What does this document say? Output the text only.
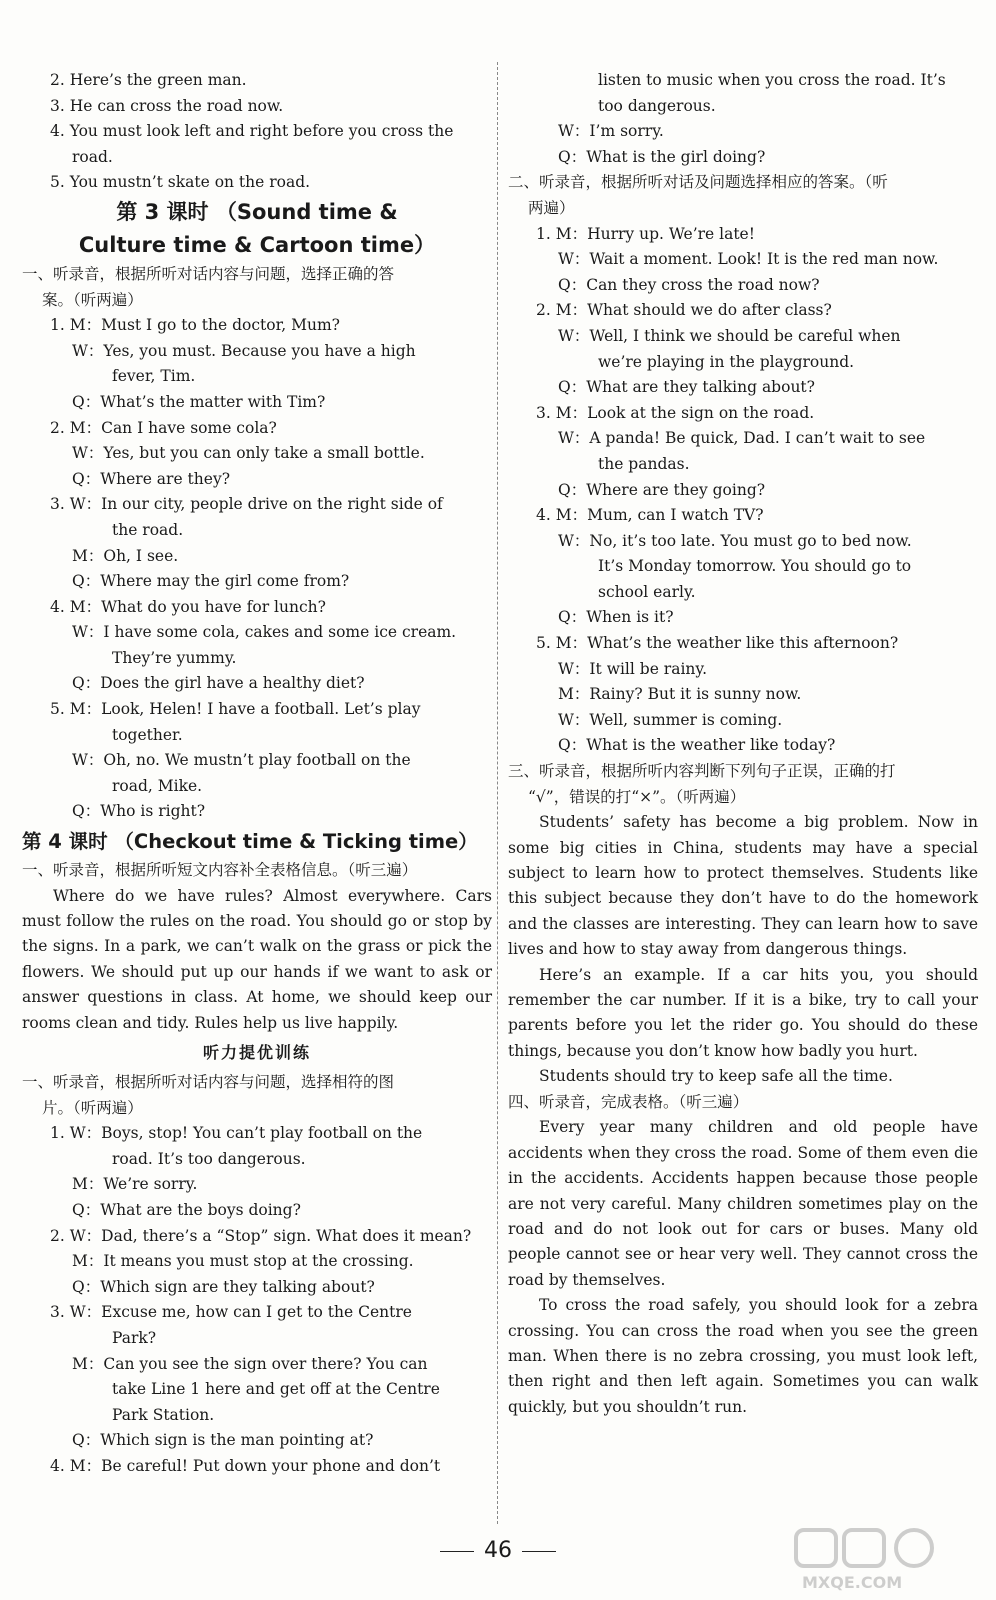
2. Here’s the green man.
3. He can cross the road now.
4. You must look left and right before you cross the
road.
5. You mustn’t skate on the road.
第 3 课时 （Sound time &
Culture time & Cartoon time）
一、听录音，根据所听对话内容与问题，选择正确的答
案。（听两遍）
1. M：Must I go to the doctor, Mum?
W：Yes, you must. Because you have a high
fever, Tim.
Q：What’s the matter with Tim?
2. M：Can I have some cola?
W：Yes, but you can only take a small bottle.
Q：Where are they?
3. W：In our city, people drive on the right side of
the road.
M：Oh, I see.
Q：Where may the girl come from?
4. M：What do you have for lunch?
W：I have some cola, cakes and some ice cream.
They’re yummy.
Q：Does the girl have a healthy diet?
5. M：Look, Helen! I have a football. Let’s play
together.
W：Oh, no. We mustn’t play football on the
road, Mike.
Q：Who is right?
第 4 课时 （Checkout time & Ticking time）
一、听录音，根据所听短文内容补全表格信息。（听三遍）

Where do we have rules? Almost everywhere. Cars must follow the rules on the road. You should go or stop by the signs. In a park, we can’t walk on the grass or pick the flowers. We should put up our hands if we want to ask or answer questions in class. At home, we should keep our rooms clean and tidy. Rules help us live happily.

听力提优训练
一、听录音，根据所听对话内容与问题，选择相符的图
片。（听两遍）
1. W：Boys, stop! You can’t play football on the
road. It’s too dangerous.
M：We’re sorry.
Q：What are the boys doing?
2. W：Dad, there’s a “Stop” sign. What does it mean?
M：It means you must stop at the crossing.
Q：Which sign are they talking about?
3. W：Excuse me, how can I get to the Centre
Park?
M：Can you see the sign over there? You can
take Line 1 here and get off at the Centre
Park Station.
Q：Which sign is the man pointing at?
4. M：Be careful! Put down your phone and don’t
listen to music when you cross the road. It’s
too dangerous.
W：I’m sorry.
Q：What is the girl doing?
二、听录音，根据所听对话及问题选择相应的答案。（听
两遍）
1. M：Hurry up. We’re late!
W：Wait a moment. Look! It is the red man now.
Q：Can they cross the road now?
2. M：What should we do after class?
W：Well, I think we should be careful when
we’re playing in the playground.
Q：What are they talking about?
3. M：Look at the sign on the road.
W：A panda! Be quick, Dad. I can’t wait to see
the pandas.
Q：Where are they going?
4. M：Mum, can I watch TV?
W：No, it’s too late. You must go to bed now.
It’s Monday tomorrow. You should go to
school early.
Q：When is it?
5. M：What’s the weather like this afternoon?
W：It will be rainy.
M：Rainy? But it is sunny now.
W：Well, summer is coming.
Q：What is the weather like today?
三、听录音，根据所听内容判断下列句子正误，正确的打
“√”，错误的打“×”。（听两遍）

Students’ safety has become a big problem. Now in some big cities in China, students may have a special subject to learn how to protect themselves. Students like this subject because they don’t have to do the homework and the classes are interesting. They can learn how to save lives and how to stay away from dangerous things.

Here’s an example. If a car hits you, you should remember the car number. If it is a bike, try to call your parents before you let the rider go. You should do these things, because you don’t know how badly you hurt.

Students should try to keep safe all the time.

四、听录音，完成表格。（听三遍）

Every year many children and old people have accidents when they cross the road. Some of them even die in the accidents. Accidents happen because those people are not very careful. Many children sometimes play on the road and do not look out for cars or buses. Many old people cannot see or hear very well. They cannot cross the road by themselves.

To cross the road safely, you should look for a zebra crossing. You can cross the road when you see the green man. When there is no zebra crossing, you must look left, then right and then left again. Sometimes you can walk quickly, but you shouldn’t run.

46
MXQE.COM
